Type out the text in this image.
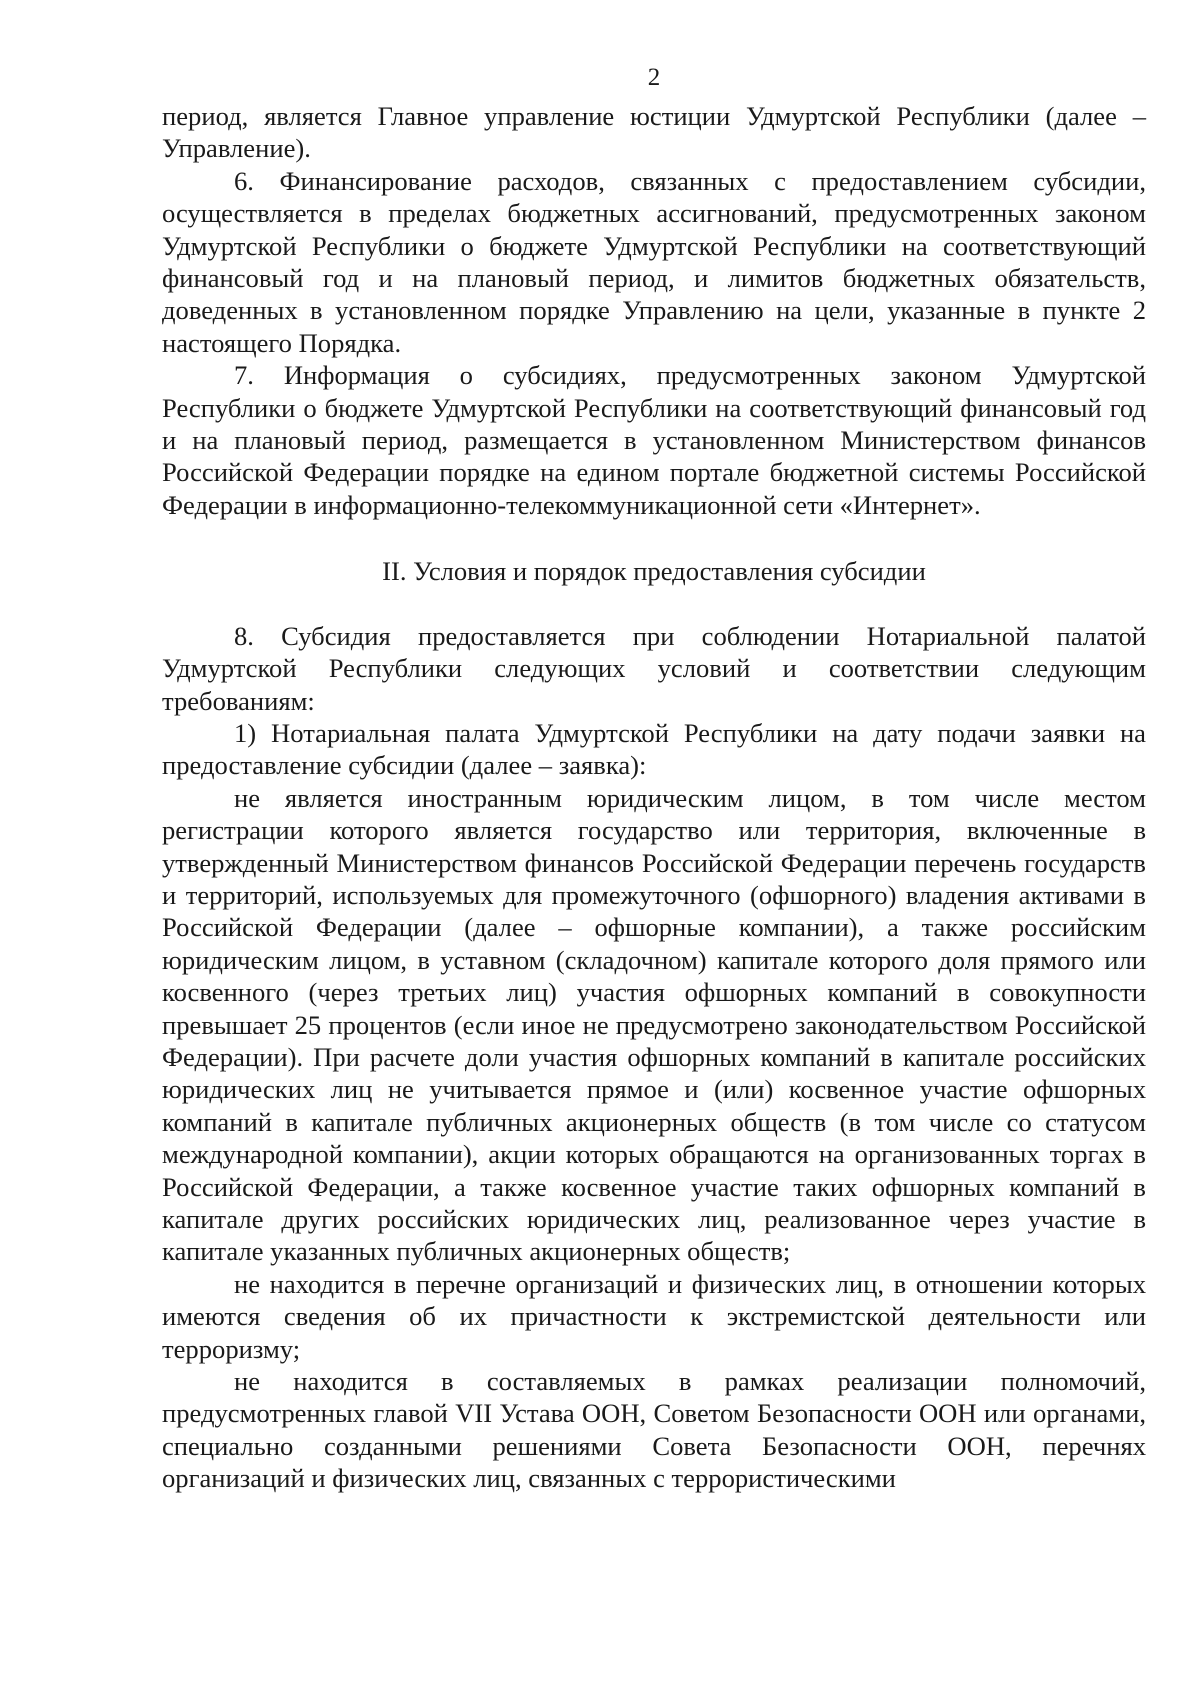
2

период, является Главное управление юстиции Удмуртской Республики (далее – Управление).

6. Финансирование расходов, связанных с предоставлением субсидии, осуществляется в пределах бюджетных ассигнований, предусмотренных законом Удмуртской Республики о бюджете Удмуртской Республики на соответствующий финансовый год и на плановый период, и лимитов бюджетных обязательств, доведенных в установленном порядке Управлению на цели, указанные в пункте 2 настоящего Порядка.

7. Информация о субсидиях, предусмотренных законом Удмуртской Республики о бюджете Удмуртской Республики на соответствующий финансовый год и на плановый период, размещается в установленном Министерством финансов Российской Федерации порядке на едином портале бюджетной системы Российской Федерации в информационно-телекоммуникационной сети «Интернет».

II. Условия и порядок предоставления субсидии

8. Субсидия предоставляется при соблюдении Нотариальной палатой Удмуртской Республики следующих условий и соответствии следующим требованиям:

1) Нотариальная палата Удмуртской Республики на дату подачи заявки на предоставление субсидии (далее – заявка):

не является иностранным юридическим лицом, в том числе местом регистрации которого является государство или территория, включенные в утвержденный Министерством финансов Российской Федерации перечень государств и территорий, используемых для промежуточного (офшорного) владения активами в Российской Федерации (далее – офшорные компании), а также российским юридическим лицом, в уставном (складочном) капитале которого доля прямого или косвенного (через третьих лиц) участия офшорных компаний в совокупности превышает 25 процентов (если иное не предусмотрено законодательством Российской Федерации). При расчете доли участия офшорных компаний в капитале российских юридических лиц не учитывается прямое и (или) косвенное участие офшорных компаний в капитале публичных акционерных обществ (в том числе со статусом международной компании), акции которых обращаются на организованных торгах в Российской Федерации, а также косвенное участие таких офшорных компаний в капитале других российских юридических лиц, реализованное через участие в капитале указанных публичных акционерных обществ;

не находится в перечне организаций и физических лиц, в отношении которых имеются сведения об их причастности к экстремистской деятельности или терроризму;

не находится в составляемых в рамках реализации полномочий, предусмотренных главой VII Устава ООН, Советом Безопасности ООН или органами, специально созданными решениями Совета Безопасности ООН, перечнях организаций и физических лиц, связанных с террористическими
